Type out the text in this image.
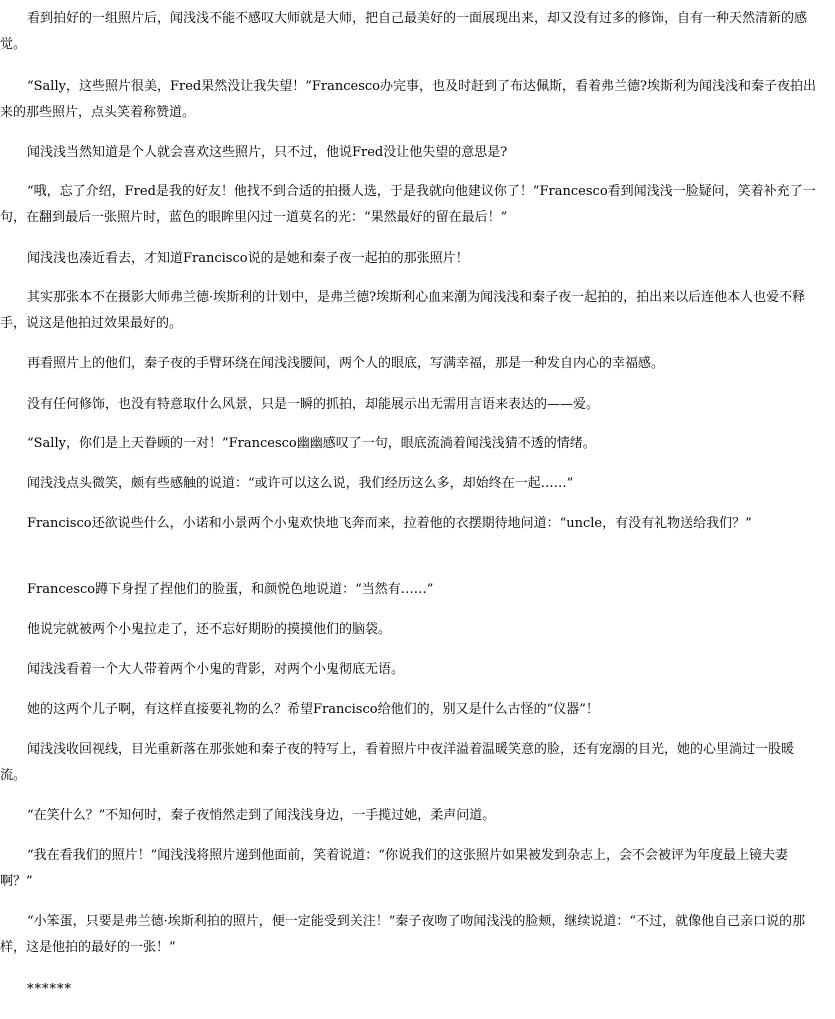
看到拍好的一组照片后，闻浅浅不能不感叹大师就是大师，把自己最美好的一面展现出来，却又没有过多的修饰，自有一种天然清新的感觉。

“Sally，这些照片很美，Fred果然没让我失望！”Francesco办完事，也及时赶到了布达佩斯，看着弗兰德?埃斯利为闻浅浅和秦子夜拍出来的那些照片，点头笑着称赞道。

闻浅浅当然知道是个人就会喜欢这些照片，只不过，他说Fred没让他失望的意思是?

“哦，忘了介绍，Fred是我的好友！他找不到合适的拍摄人选，于是我就向他建议你了！”Francesco看到闻浅浅一脸疑问，笑着补充了一句，在翻到最后一张照片时，蓝色的眼眸里闪过一道莫名的光：“果然最好的留在最后！”

闻浅浅也凑近看去，才知道Francisco说的是她和秦子夜一起拍的那张照片！

其实那张本不在摄影大师弗兰德·埃斯利的计划中，是弗兰德?埃斯利心血来潮为闻浅浅和秦子夜一起拍的，拍出来以后连他本人也爱不释手，说这是他拍过效果最好的。

再看照片上的他们，秦子夜的手臂环绕在闻浅浅腰间，两个人的眼底，写满幸福，那是一种发自内心的幸福感。

没有任何修饰，也没有特意取什么风景，只是一瞬的抓拍，却能展示出无需用言语来表达的——爱。

“Sally，你们是上天眷顾的一对！”Francesco幽幽感叹了一句，眼底流淌着闻浅浅猜不透的情绪。

闻浅浅点头微笑，颇有些感触的说道：“或许可以这么说，我们经历这么多，却始终在一起……”

Francisco还欲说些什么，小诺和小景两个小鬼欢快地飞奔而来，拉着他的衣摆期待地问道：“uncle，有没有礼物送给我们？”

Francesco蹲下身捏了捏他们的脸蛋，和颜悦色地说道：“当然有……”

他说完就被两个小鬼拉走了，还不忘好期盼的摸摸他们的脑袋。

闻浅浅看着一个大人带着两个小鬼的背影，对两个小鬼彻底无语。

她的这两个儿子啊，有这样直接要礼物的么？希望Francisco给他们的，别又是什么古怪的“仪器”！

闻浅浅收回视线，目光重新落在那张她和秦子夜的特写上，看着照片中夜洋溢着温暖笑意的脸，还有宠溺的目光，她的心里淌过一股暖流。

“在笑什么？”不知何时，秦子夜悄然走到了闻浅浅身边，一手揽过她，柔声问道。

“我在看我们的照片！”闻浅浅将照片递到他面前，笑着说道：“你说我们的这张照片如果被发到杂志上，会不会被评为年度最上镜夫妻啊？”

“小笨蛋，只要是弗兰德·埃斯利拍的照片，便一定能受到关注！”秦子夜吻了吻闻浅浅的脸颊，继续说道：“不过，就像他自己亲口说的那样，这是他拍的最好的一张！”

******
